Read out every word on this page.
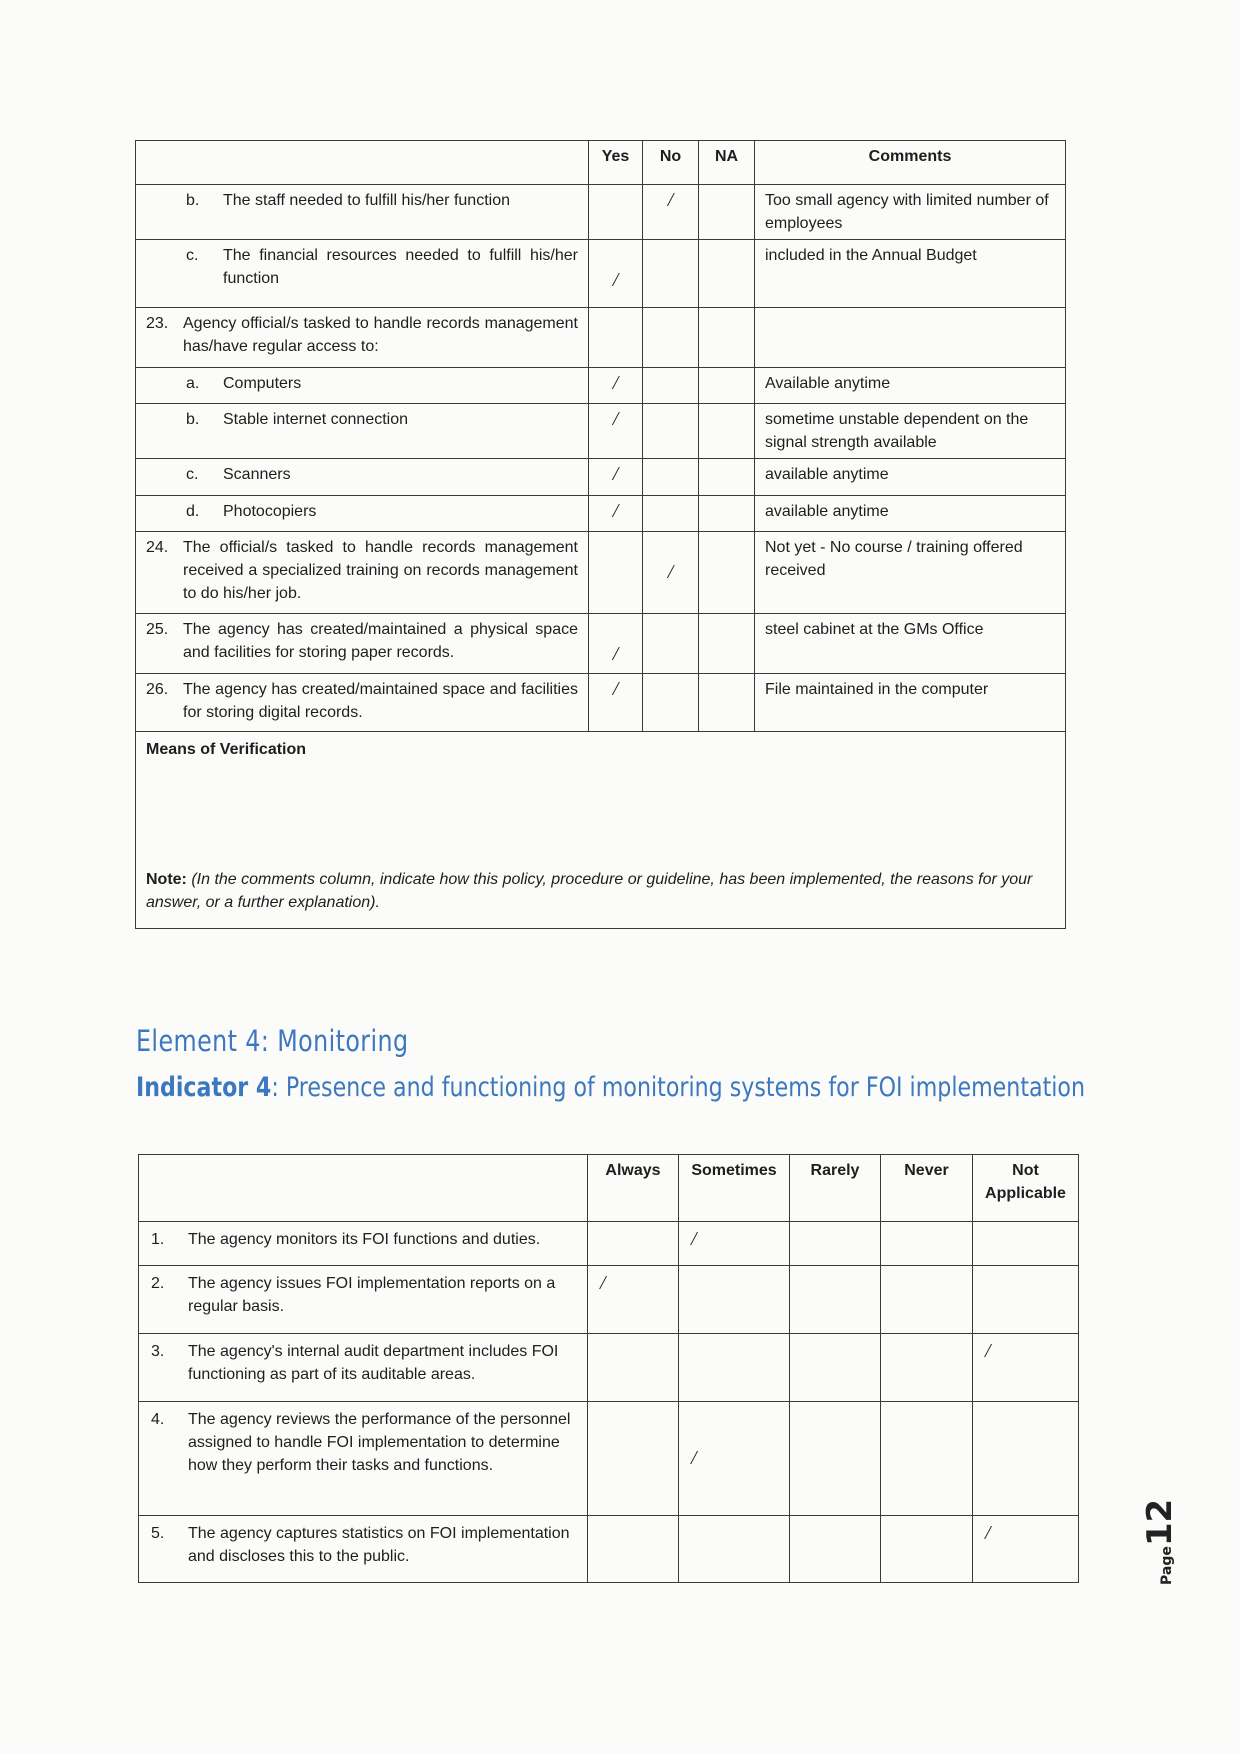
	Yes	No	NA	Comments

b. The staff needed to fulfill his/her function		/		Too small agency with limited number of employees

c. The financial resources needed to fulfill his/her function	/			included in the Annual Budget

23. Agency official/s tasked to handle records management has/have regular access to:				

a. Computers	/			Available anytime

b. Stable internet connection	/			sometime unstable dependent on the signal strength available

c. Scanners	/			available anytime

d. Photocopiers	/			available anytime

24. The official/s tasked to handle records management received a specialized training on records management to do his/her job.		/		Not yet - No course / training offered received

25. The agency has created/maintained a physical space and facilities for storing paper records.	/			steel cabinet at the GMs Office

26. The agency has created/maintained space and facilities for storing digital records.	/			File maintained in the computer

Means of Verification
Note: (In the comments column, indicate how this policy, procedure or guideline, has been implemented, the reasons for your answer, or a further explanation).				
Element 4: Monitoring
Indicator 4: Presence and functioning of monitoring systems for FOI implementation
	Always	Sometimes	Rarely	Never	Not Applicable

1. The agency monitors its FOI functions and duties.		/			

2. The agency issues FOI implementation reports on a regular basis.	/				

3. The agency's internal audit department includes FOI functioning as part of its auditable areas.					/

4. The agency reviews the performance of the personnel assigned to handle FOI implementation to determine how they perform their tasks and functions.		/			

5. The agency captures statistics on FOI implementation and discloses this to the public.					/
Page12
